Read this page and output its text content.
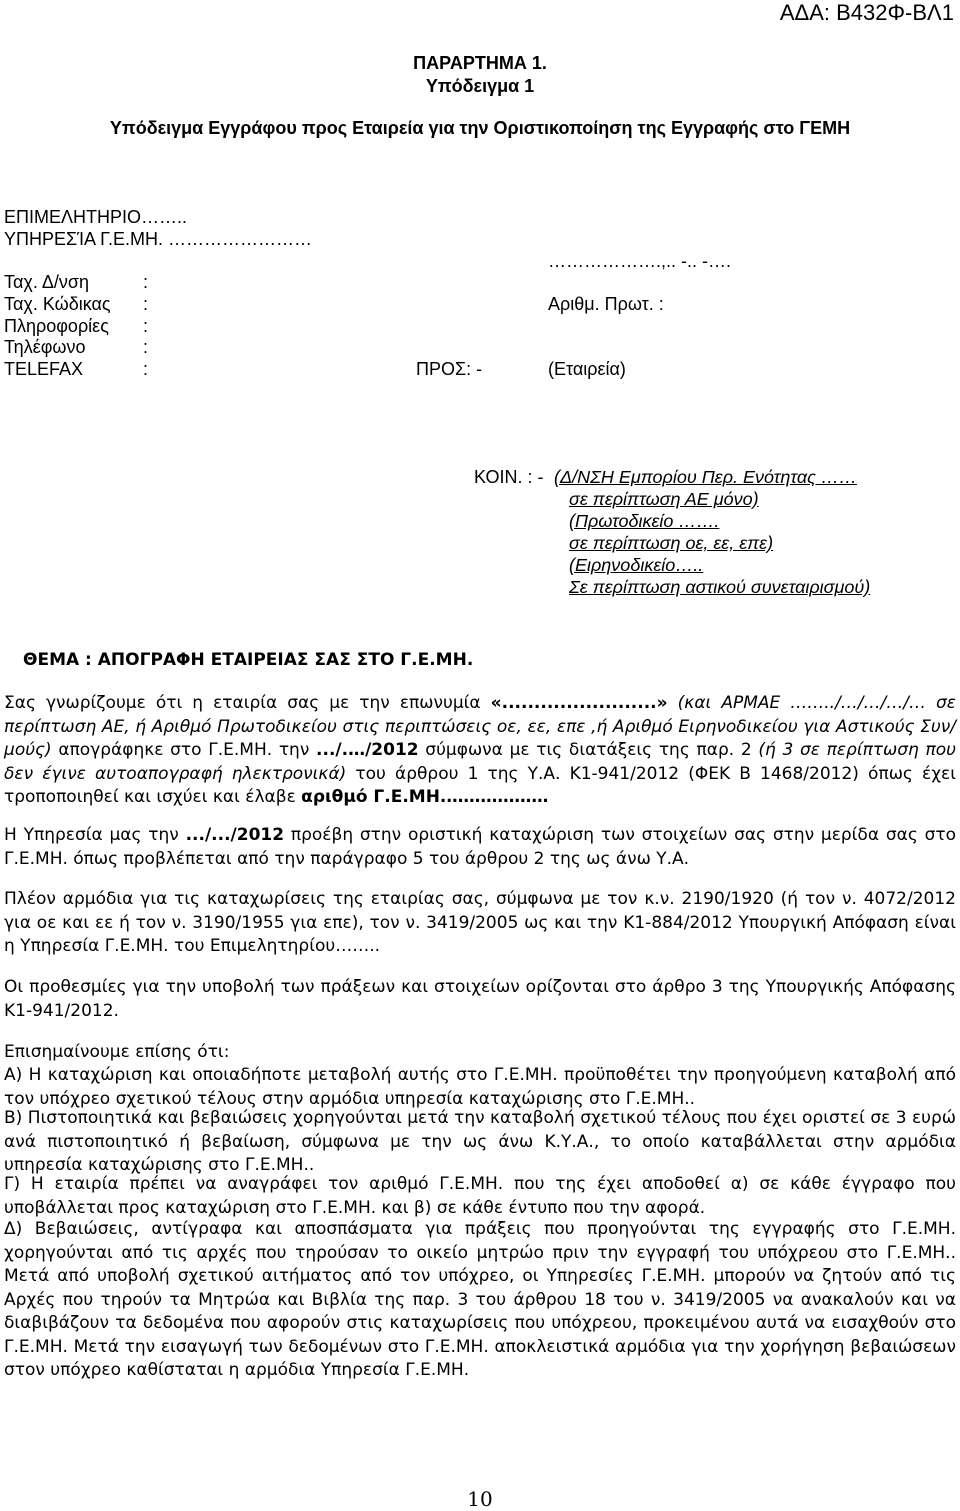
ΑΔΑ: Β432Φ-ΒΛ1
ΠΑΡΑΡΤΗΜΑ 1.
Υπόδειγμα 1
Υπόδειγμα Εγγράφου προς Εταιρεία για την Οριστικοποίηση της Εγγραφής στο ΓΕΜΗ
ΕΠΙΜΕΛΗΤΗΡΙΟ……..
ΥΠΗΡΕΣΊΑ Γ.Ε.ΜΗ. ……………………
……………….,.. -.. -….
Ταχ. Δ/νση	:
Ταχ. Κώδικας :	Αριθμ. Πρωτ. :
Πληροφορίες :
Τηλέφωνο	:
TELEFAX	:	ΠΡΟΣ: -	(Εταιρεία)
ΚΟΙΝ. : - (Δ/ΝΣΗ Εμπορίου Περ. Ενότητας ……
σε περίπτωση ΑΕ μόνο)
(Πρωτοδικείο …….
σε περίπτωση οε, εε, επε)
(Ειρηνοδικείο…..
Σε περίπτωση αστικού συνεταιρισμού)
ΘΕΜΑ : ΑΠΟΓΡΑΦΗ ΕΤΑΙΡΕΙΑΣ ΣΑΣ ΣΤΟ Γ.Ε.ΜΗ.
Σας γνωρίζουμε ότι η εταιρία σας με την επωνυμία «........................» (και ΑΡΜΑΕ ……../…/…/…/… σε περίπτωση ΑΕ, ή Αριθμό Πρωτοδικείου στις περιπτώσεις οε, εε, επε ,ή Αριθμό Ειρηνοδικείου για Αστικούς Συν/μούς) απογράφηκε στο Γ.Ε.ΜΗ. την .../.…/2012 σύμφωνα με τις διατάξεις της παρ. 2 (ή 3 σε περίπτωση που δεν έγινε αυτοαπογραφή ηλεκτρονικά) του άρθρου 1 της Υ.Α. Κ1-941/2012 (ΦΕΚ Β 1468/2012) όπως έχει τροποποιηθεί και ισχύει και έλαβε αριθμό Γ.Ε.ΜΗ.………………
Η Υπηρεσία μας την .../.../2012 προέβη στην οριστική καταχώριση των στοιχείων σας στην μερίδα σας στο Γ.Ε.ΜΗ. όπως προβλέπεται από την παράγραφο 5 του άρθρου 2 της ως άνω Υ.Α.
Πλέον αρμόδια για τις καταχωρίσεις της εταιρίας σας, σύμφωνα με τον κ.ν. 2190/1920 (ή τον ν. 4072/2012 για οε και εε ή τον ν. 3190/1955 για επε), τον ν. 3419/2005 ως και την Κ1-884/2012 Υπουργική Απόφαση είναι η Υπηρεσία Γ.Ε.ΜΗ. του Επιμελητηρίου……..
Οι προθεσμίες για την υποβολή των πράξεων και στοιχείων ορίζονται στο άρθρο 3 της Υπουργικής Απόφασης Κ1-941/2012.
Επισημαίνουμε επίσης ότι:
Α) Η καταχώριση και οποιαδήποτε μεταβολή αυτής στο Γ.Ε.ΜΗ. προϋποθέτει την προηγούμενη καταβολή από τον υπόχρεο σχετικού τέλους στην αρμόδια υπηρεσία καταχώρισης στο Γ.Ε.ΜΗ..
Β) Πιστοποιητικά και βεβαιώσεις χορηγούνται μετά την καταβολή σχετικού τέλους που έχει οριστεί σε 3 ευρώ ανά πιστοποιητικό ή βεβαίωση, σύμφωνα με την ως άνω Κ.Υ.Α., το οποίο καταβάλλεται στην αρμόδια υπηρεσία καταχώρισης στο Γ.Ε.ΜΗ..
Γ) Η εταιρία πρέπει να αναγράφει τον αριθμό Γ.Ε.ΜΗ. που της έχει αποδοθεί α) σε κάθε έγγραφο που υποβάλλεται προς καταχώριση στο Γ.Ε.ΜΗ. και β) σε κάθε έντυπο που την αφορά.
Δ) Βεβαιώσεις, αντίγραφα και αποσπάσματα για πράξεις που προηγούνται της εγγραφής στο Γ.Ε.ΜΗ. χορηγούνται από τις αρχές που τηρούσαν το οικείο μητρώο πριν την εγγραφή του υπόχρεου στο Γ.Ε.ΜΗ.. Μετά από υποβολή σχετικού αιτήματος από τον υπόχρεο, οι Υπηρεσίες Γ.Ε.ΜΗ. μπορούν να ζητούν από τις Αρχές που τηρούν τα Μητρώα και Βιβλία της παρ. 3 του άρθρου 18 του ν. 3419/2005 να ανακαλούν και να διαβιβάζουν τα δεδομένα που αφορούν στις καταχωρίσεις που υπόχρεου, προκειμένου αυτά να εισαχθούν στο Γ.Ε.ΜΗ. Μετά την εισαγωγή των δεδομένων στο Γ.Ε.ΜΗ. αποκλειστικά αρμόδια για την χορήγηση βεβαιώσεων στον υπόχρεο καθίσταται η αρμόδια Υπηρεσία Γ.Ε.ΜΗ.
10
